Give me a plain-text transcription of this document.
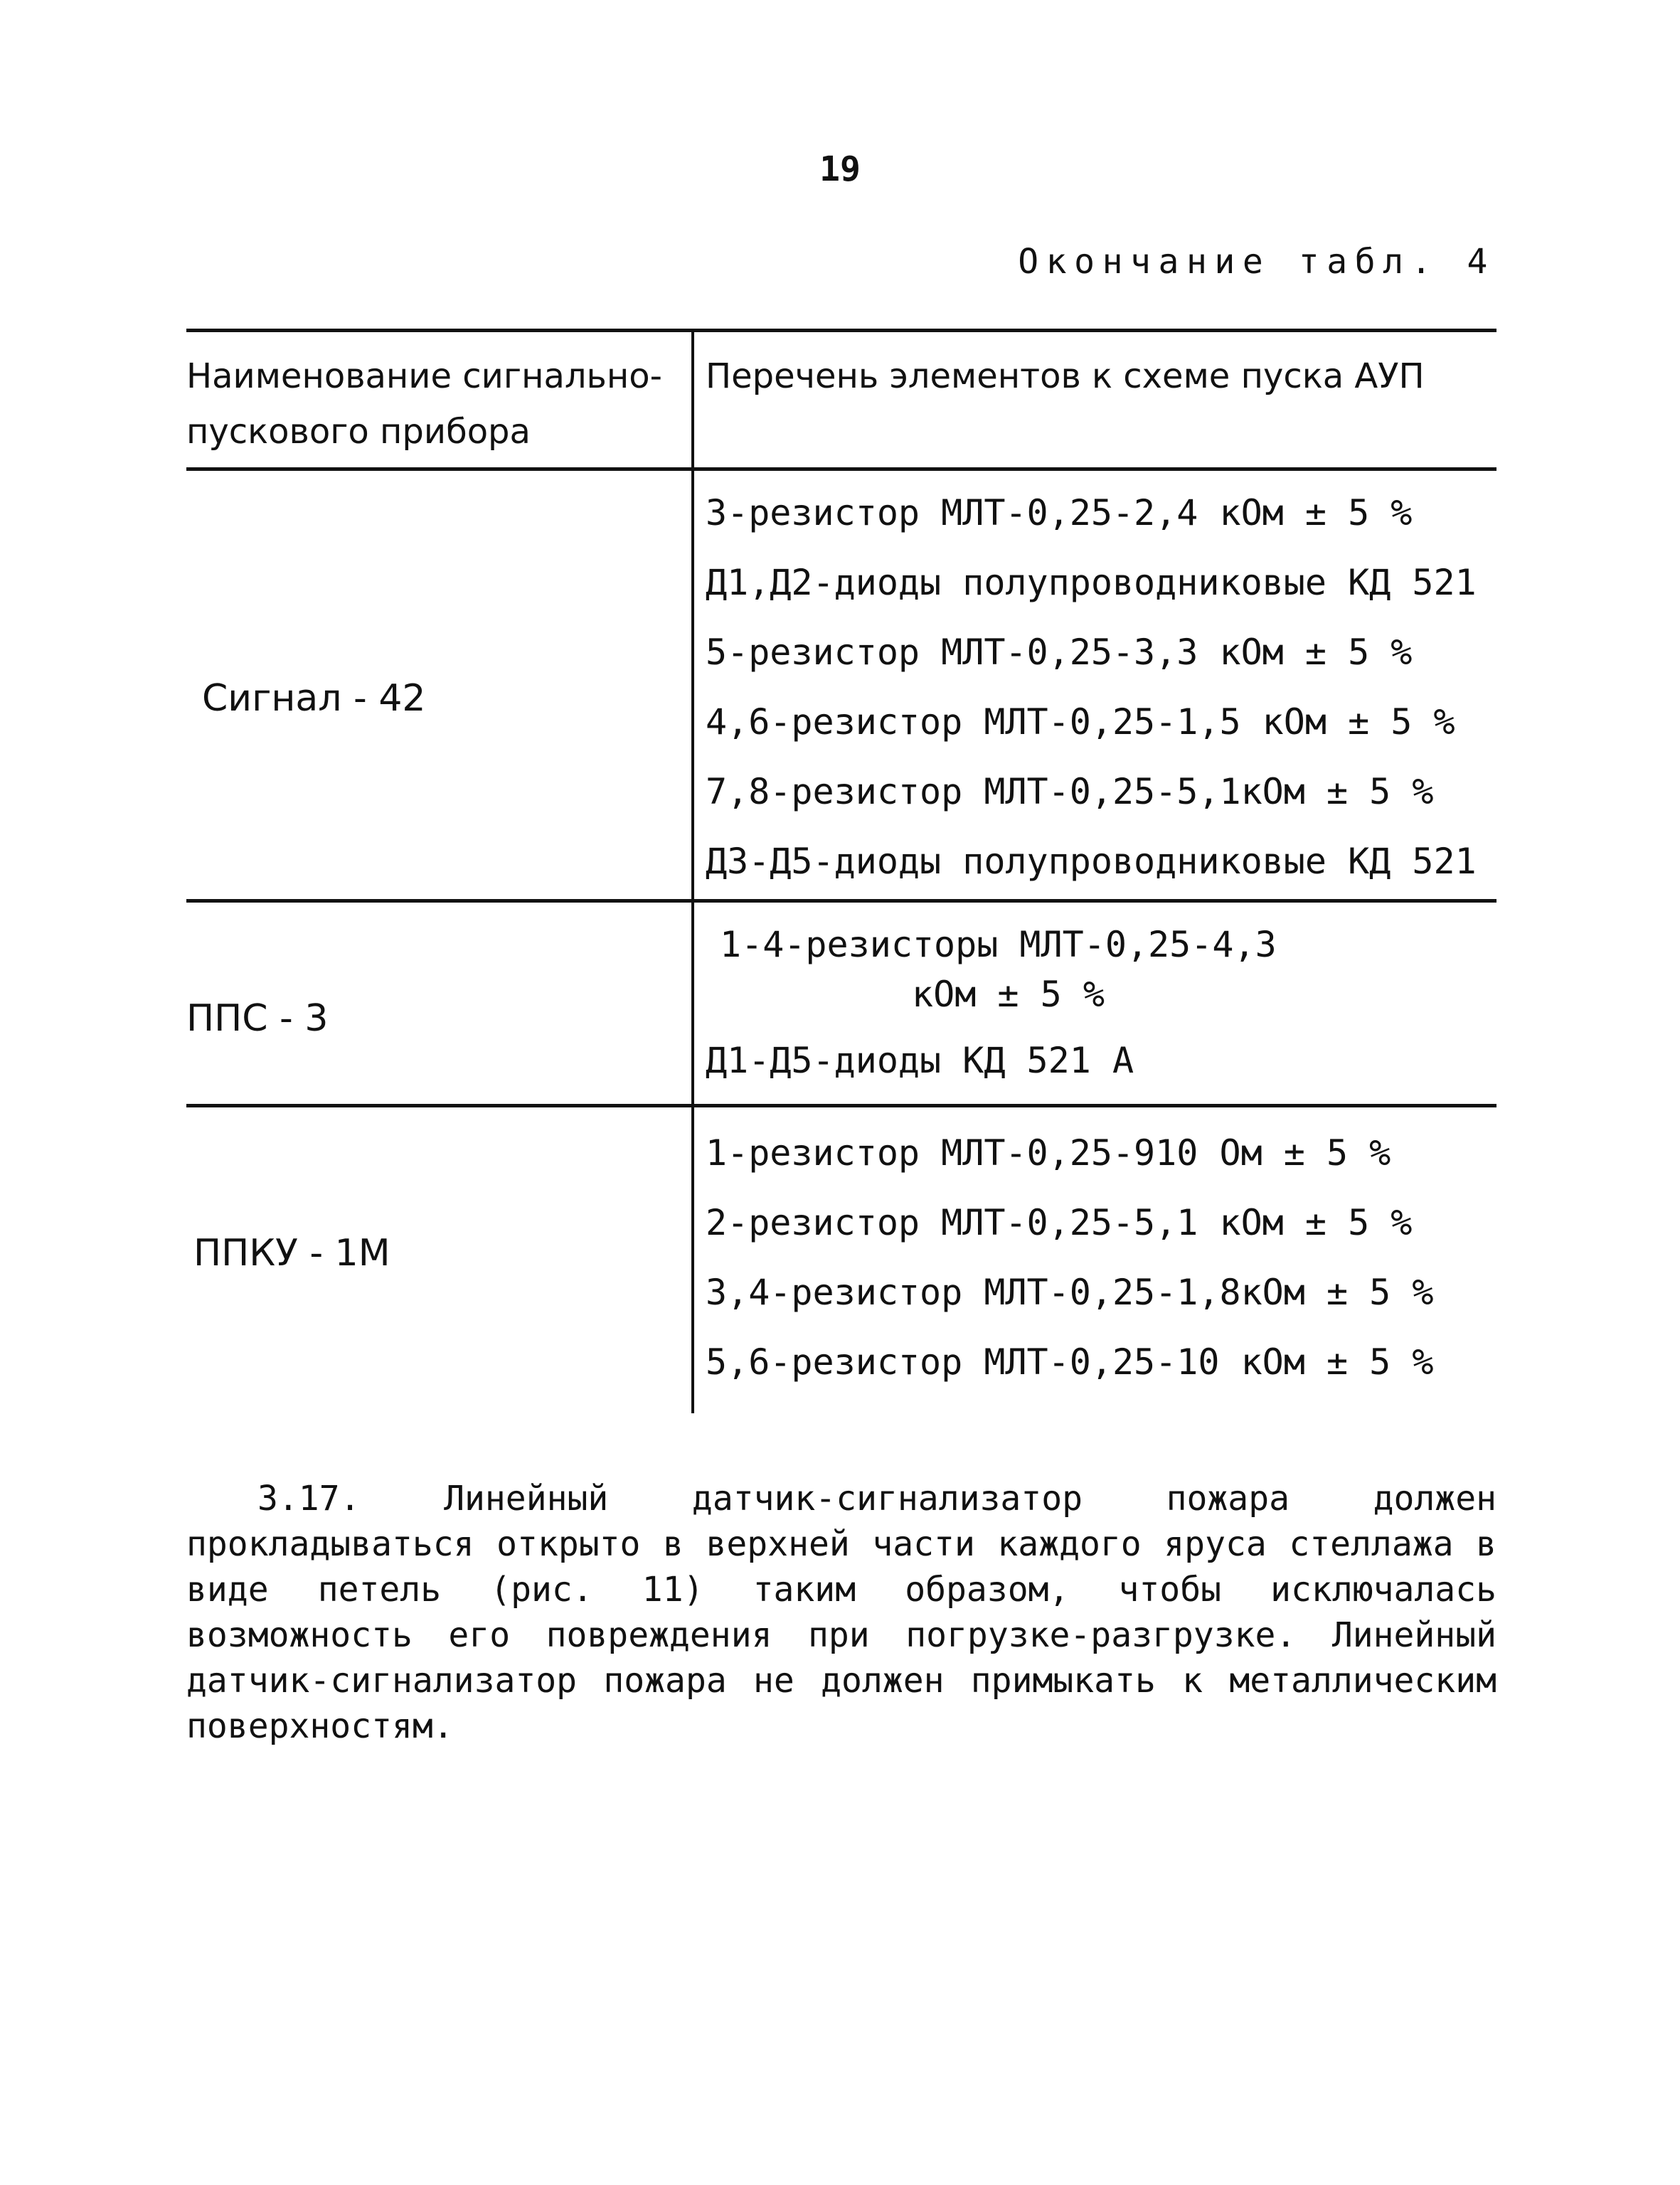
19
Окончание табл. 4
Наименование сигнально-пускового прибора
Перечень элементов к схеме пуска АУП
Сигнал - 42
3-резистор МЛТ-0,25-2,4 кОм ± 5 %
Д1,Д2-диоды полупроводниковые КД 521
5-резистор МЛТ-0,25-3,3 кОм ± 5 %
4,6-резистор МЛТ-0,25-1,5 кОм ± 5 %
7,8-резистор МЛТ-0,25-5,1кОм ± 5 %
Д3-Д5-диоды полупроводниковые КД 521
ППС - 3
1-4-резисторы МЛТ-0,25-4,3
кОм ± 5 %
Д1-Д5-диоды КД 521 А
ППКУ - 1М
1-резистор МЛТ-0,25-910 Ом ± 5 %
2-резистор МЛТ-0,25-5,1 кОм ± 5 %
3,4-резистор МЛТ-0,25-1,8кОм ± 5 %
5,6-резистор МЛТ-0,25-10 кОм ± 5 %
3.17. Линейный датчик-сигнализатор пожара должен прокладываться открыто в верхней части каждого яруса стеллажа в виде петель (рис. 11) таким образом, чтобы исключалась возможность его повреждения при погрузке-разгрузке. Линейный датчик-сигнализатор пожара не должен примыкать к металлическим поверхностям.
